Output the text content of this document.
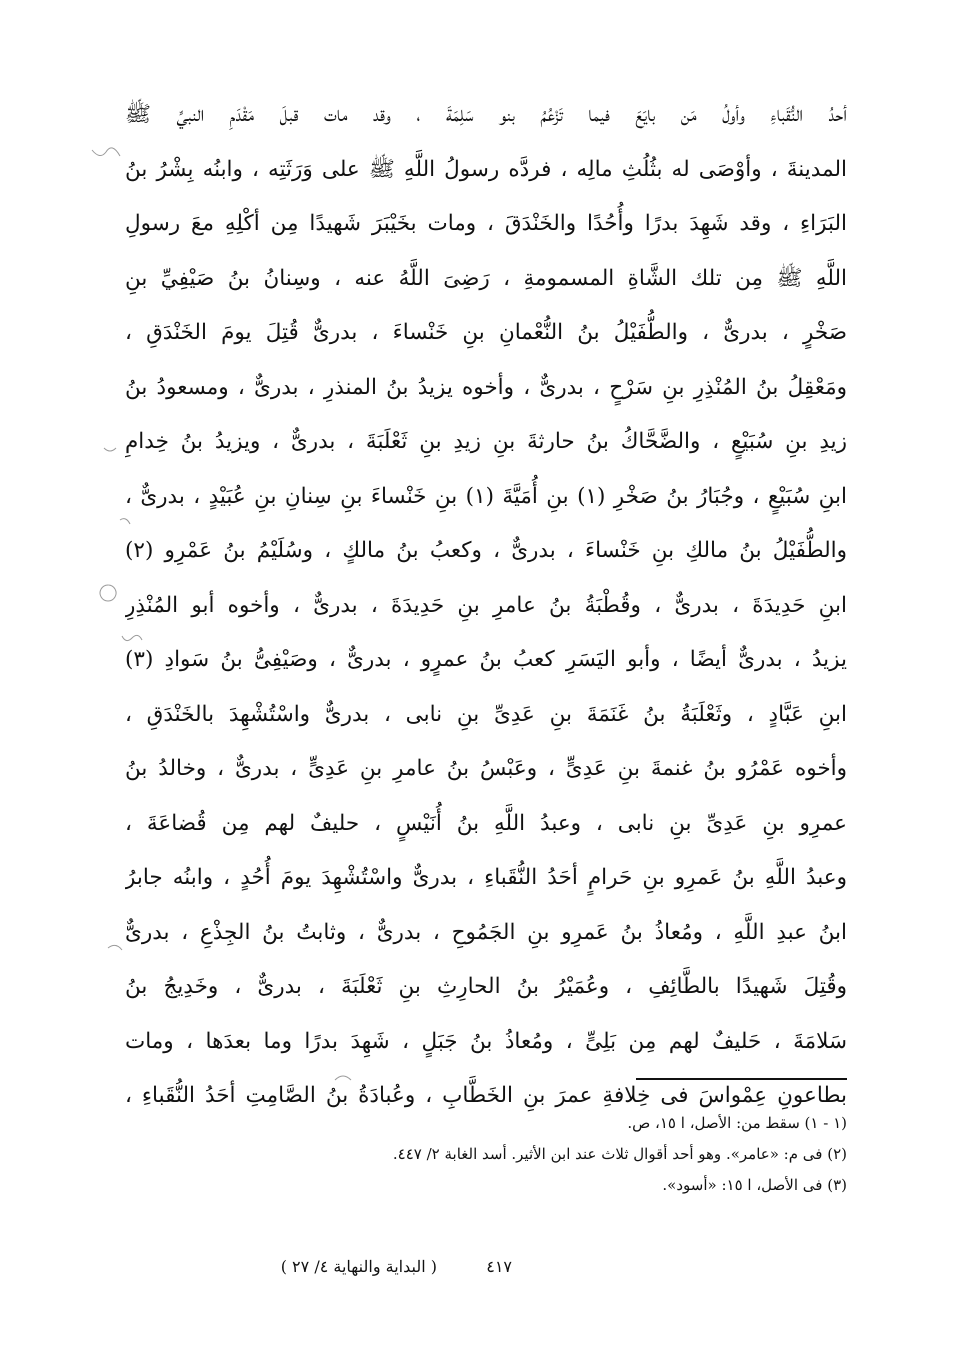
أحدُ النُّقَباءِ وأولُ مَن بايَعَ فيما تَزْعُمُ بنو سَلِمَةَ ، وقد مات قبلَ مَقْدَمِ النبيِّ ﷺ
المدينةَ ، وأوْصَى له بثُلُثِ مالِه ، فردَّه رسولُ اللَّهِ ﷺ على وَرَثَتِه ، وابنُه بِشْرُ بنُ
البَرَاءِ ، وقد شَهِدَ بدرًا وأُحُدًا والخَنْدَقَ ، ومات بخَيْبَرَ شَهيدًا مِن أكْلِهِ معَ رسولِ
اللَّهِ ﷺ مِن تلك الشَّاةِ المسمومةِ ، رَضِىَ اللَّهُ عنه ، وسِنانُ بنُ صَيْفِيِّ بنِ
صَخْرٍ ، بدرىٌّ ، والطُّفَيْلُ بنُ النُّعْمانِ بنِ خَنْساءَ ، بدرىٌّ قُتِلَ يومَ الخَنْدَقِ ،
ومَعْقِلُ بنُ المُنْذِرِ بنِ سَرْحٍ ، بدرىٌّ ، وأخوه يزيدُ بنُ المنذرِ ، بدرىٌّ ، ومسعودُ بنُ
زيدِ بنِ سُبَيْعٍ ، والضَّحَّاكُ بنُ حارثةَ بنِ زيدِ بنِ ثَعْلَبَةَ ، بدرىٌّ ، ويزيدُ بنُ خِدامِ
ابنِ سُبَيْعٍ ، وجُبَارُ بنُ صَخْرِ (١) بنِ أُمَيَّةَ (١) بنِ خَنْساءَ بنِ سِنانِ بنِ عُبَيْدٍ ، بدرىٌّ ،
والطُّفَيْلُ بنُ مالكِ بنِ خَنْساءَ ، بدرىٌّ ، وكعبُ بنُ مالكٍ ، وسُلَيْمُ بنُ عَمْرِو (٢)
ابنِ حَدِيدَةَ ، بدرىٌّ ، وقُطْبَةُ بنُ عامرِ بنِ حَدِيدَةَ ، بدرىٌّ ، وأخوه أبو المُنْذِرِ
يزيدُ ، بدرىٌّ أيضًا ، وأبو اليَسَرِ كعبُ بنُ عمرٍو ، بدرىٌّ ، وصَيْفِىُّ بنُ سَوادِ (٣)
ابنِ عَبَّادٍ ، وثَعْلَبَةُ بنُ غَنَمَةَ بنِ عَدِىِّ بنِ نابى ، بدرىٌّ واسْتُشْهِدَ بالخَنْدَقِ ،
وأخوه عَمْرُو بنُ غنمةَ بنِ عَدِىٍّ ، وعَبْسُ بنُ عامرِ بنِ عَدِىٍّ ، بدرىٌّ ، وخالدُ بنُ
عمرِو بنِ عَدِىِّ بنِ نابى ، وعبدُ اللَّهِ بنُ أُنَيْسٍ ، حليفٌ لهم مِن قُضاعَةَ ،
وعبدُ اللَّهِ بنُ عَمرِو بنِ حَرامٍ أحَدُ النُّقَباءِ ، بدرىٌّ واسْتُشْهِدَ يومَ أُحُدٍ ، وابنُه جابرُ
ابنُ عبدِ اللَّهِ ، ومُعاذُ بنُ عَمرِو بنِ الجَمُوحِ ، بدرىٌّ ، وثابتُ بنُ الجِذْعِ ، بدرىٌّ
وقُتِلَ شَهيدًا بالطَّائِفِ ، وعُمَيْرُ بنُ الحارِثِ بنِ ثَعْلَبَةَ ، بدرىٌّ ، وخَدِيجُ بنُ
سَلامَةَ ، حَليفٌ لهم مِن بَلِىٍّ ، ومُعاذُ بنُ جَبَلٍ ، شَهِدَ بدرًا وما بعدَها ، ومات
بطاعونِ عِمْواسَ فى خِلافةِ عمرَ بنِ الخَطَّابِ ، وعُبادَةُ بنُ الصَّامِتِ أحَدُ النُّقَباءِ ،
(١ - ١) سقط من: الأصل، ا ١٥، ص.
(٢) فى م: «عامر». وهو أحد أقوال ثلاث عند ابن الأثير. أسد الغابة ٢/ ٤٤٧.
(٣) فى الأصل، ا ١٥: «أسود».
٤١٧
( البداية والنهاية ٤/ ٢٧ )
